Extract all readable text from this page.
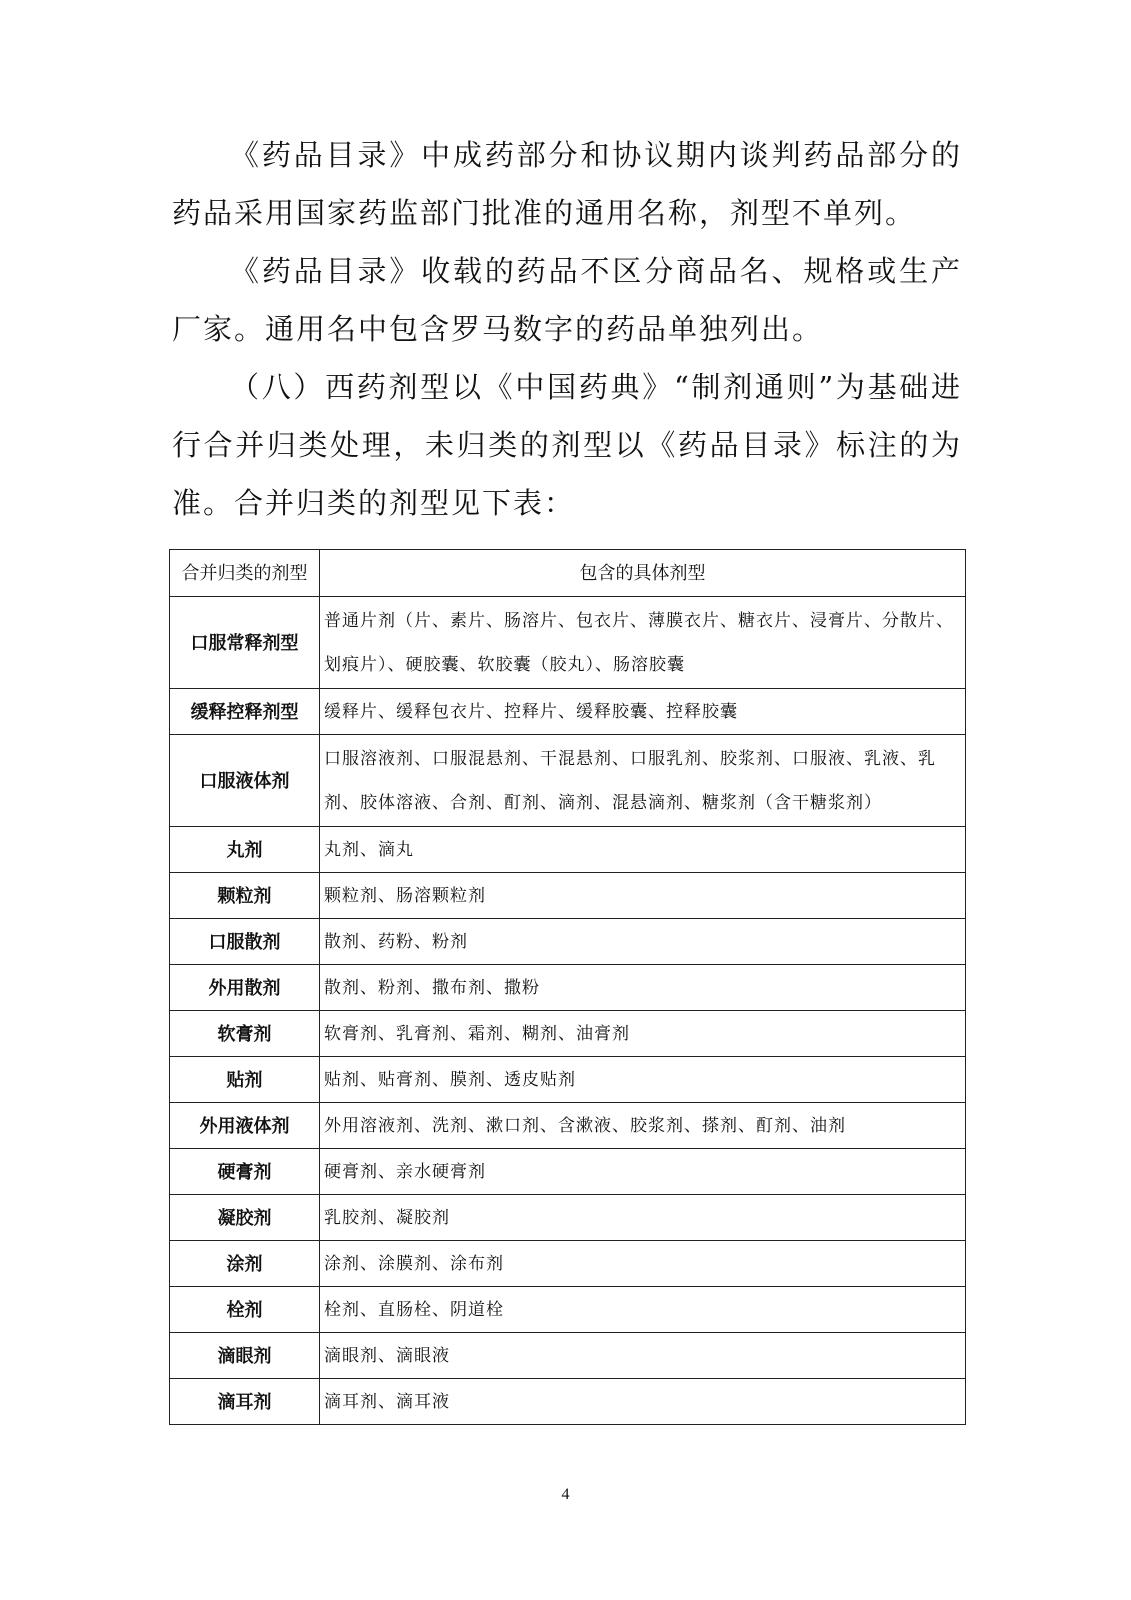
《药品目录》中成药部分和协议期内谈判药品部分的药品采用国家药监部门批准的通用名称，剂型不单列。

《药品目录》收载的药品不区分商品名、规格或生产厂家。通用名中包含罗马数字的药品单独列出。

（八）西药剂型以《中国药典》“制剂通则”为基础进行合并归类处理，未归类的剂型以《药品目录》标注的为准。合并归类的剂型见下表：

合并归类的剂型	包含的具体剂型
口服常释剂型	普通片剂（片、素片、肠溶片、包衣片、薄膜衣片、糖衣片、浸膏片、分散片、划痕片）、硬胶囊、软胶囊（胶丸）、肠溶胶囊
缓释控释剂型	缓释片、缓释包衣片、控释片、缓释胶囊、控释胶囊
口服液体剂	口服溶液剂、口服混悬剂、干混悬剂、口服乳剂、胶浆剂、口服液、乳液、乳剂、胶体溶液、合剂、酊剂、滴剂、混悬滴剂、糖浆剂（含干糖浆剂）
丸剂	丸剂、滴丸
颗粒剂	颗粒剂、肠溶颗粒剂
口服散剂	散剂、药粉、粉剂
外用散剂	散剂、粉剂、撒布剂、撒粉
软膏剂	软膏剂、乳膏剂、霜剂、糊剂、油膏剂
贴剂	贴剂、贴膏剂、膜剂、透皮贴剂
外用液体剂	外用溶液剂、洗剂、漱口剂、含漱液、胶浆剂、搽剂、酊剂、油剂
硬膏剂	硬膏剂、亲水硬膏剂
凝胶剂	乳胶剂、凝胶剂
涂剂	涂剂、涂膜剂、涂布剂
栓剂	栓剂、直肠栓、阴道栓
滴眼剂	滴眼剂、滴眼液
滴耳剂	滴耳剂、滴耳液
4
